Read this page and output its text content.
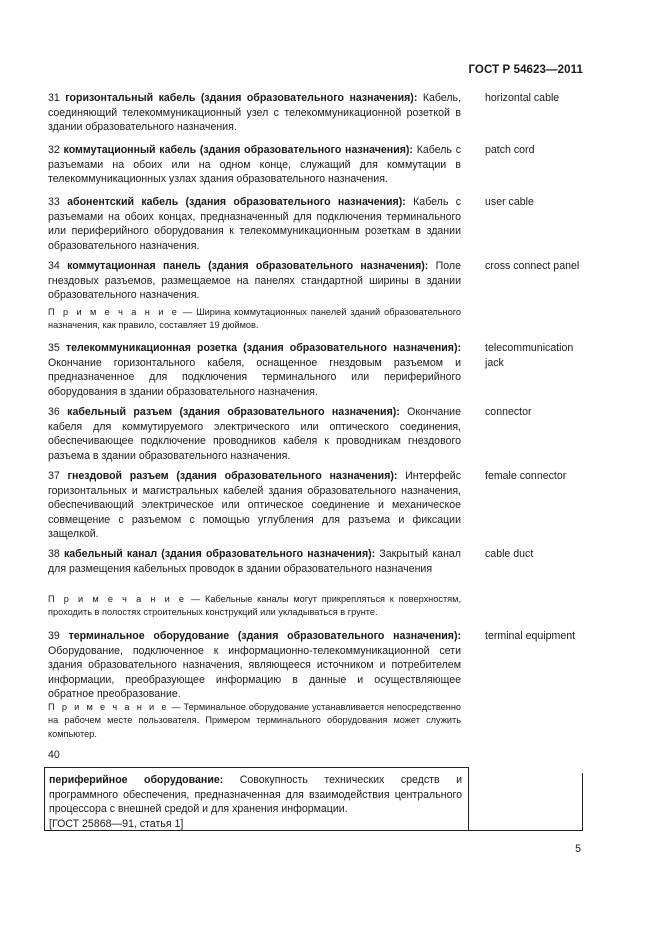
ГОСТ Р 54623—2011
31 горизонтальный кабель (здания образовательного назначения): Кабель, соединяющий телекоммуникационный узел с телекоммуникационной розеткой в здании образовательного назначения.
horizontal cable
32 коммутационный кабель (здания образовательного назначения): Кабель с разъемами на обоих или на одном конце, служащий для коммутации в телекоммуникационных узлах здания образовательного назначения.
patch cord
33 абонентский кабель (здания образовательного назначения): Кабель с разъемами на обоих концах, предназначенный для подключения терминального или периферийного оборудования к телекоммуникационным розеткам в здании образовательного назначения.
user cable
34 коммутационная панель (здания образовательного назначения): Поле гнездовых разъемов, размещаемое на панелях стандартной ширины в здании образовательного назначения.
cross connect panel
П р и м е ч а н и е — Ширина коммутационных панелей зданий образовательного назначения, как правило, составляет 19 дюймов.
35 телекоммуникационная розетка (здания образовательного назначения): Окончание горизонтального кабеля, оснащенное гнездовым разъемом и предназначенное для подключения терминального или периферийного оборудования в здании образовательного назначения.
telecommunication jack
36 кабельный разъем (здания образовательного назначения): Окончание кабеля для коммутируемого электрического или оптического соединения, обеспечивающее подключение проводников кабеля к проводникам гнездового разъема в здании образовательного назначения.
connector
37 гнездовой разъем (здания образовательного назначения): Интерфейс горизонтальных и магистральных кабелей здания образовательного назначения, обеспечивающий электрическое или оптическое соединение и механическое совмещение с разъемом с помощью углубления для разъема и фиксации защелкой.
female connector
38 кабельный канал (здания образовательного назначения): Закрытый канал для размещения кабельных проводок в здании образовательного назначения
cable duct
П р и м е ч а н и е — Кабельные каналы могут прикрепляться к поверхностям, проходить в полостях строительных конструкций или укладываться в грунте.
39 терминальное оборудование (здания образовательного назначения): Оборудование, подключенное к информационно-телекоммуникационной сети здания образовательного назначения, являющееся источником и потребителем информации, преобразующее информацию в данные и осуществляющее обратное преобразование.
terminal equipment
П р и м е ч а н и е — Терминальное оборудование устанавливается непосредственно на рабочем месте пользователя. Примером терминального оборудования может служить компьютер.
40
периферийное оборудование: Совокупность технических средств и программного обеспечения, предназначенная для взаимодействия центрального процессора с внешней средой и для хранения информации.
[ГОСТ 25868—91, статья 1]
5
